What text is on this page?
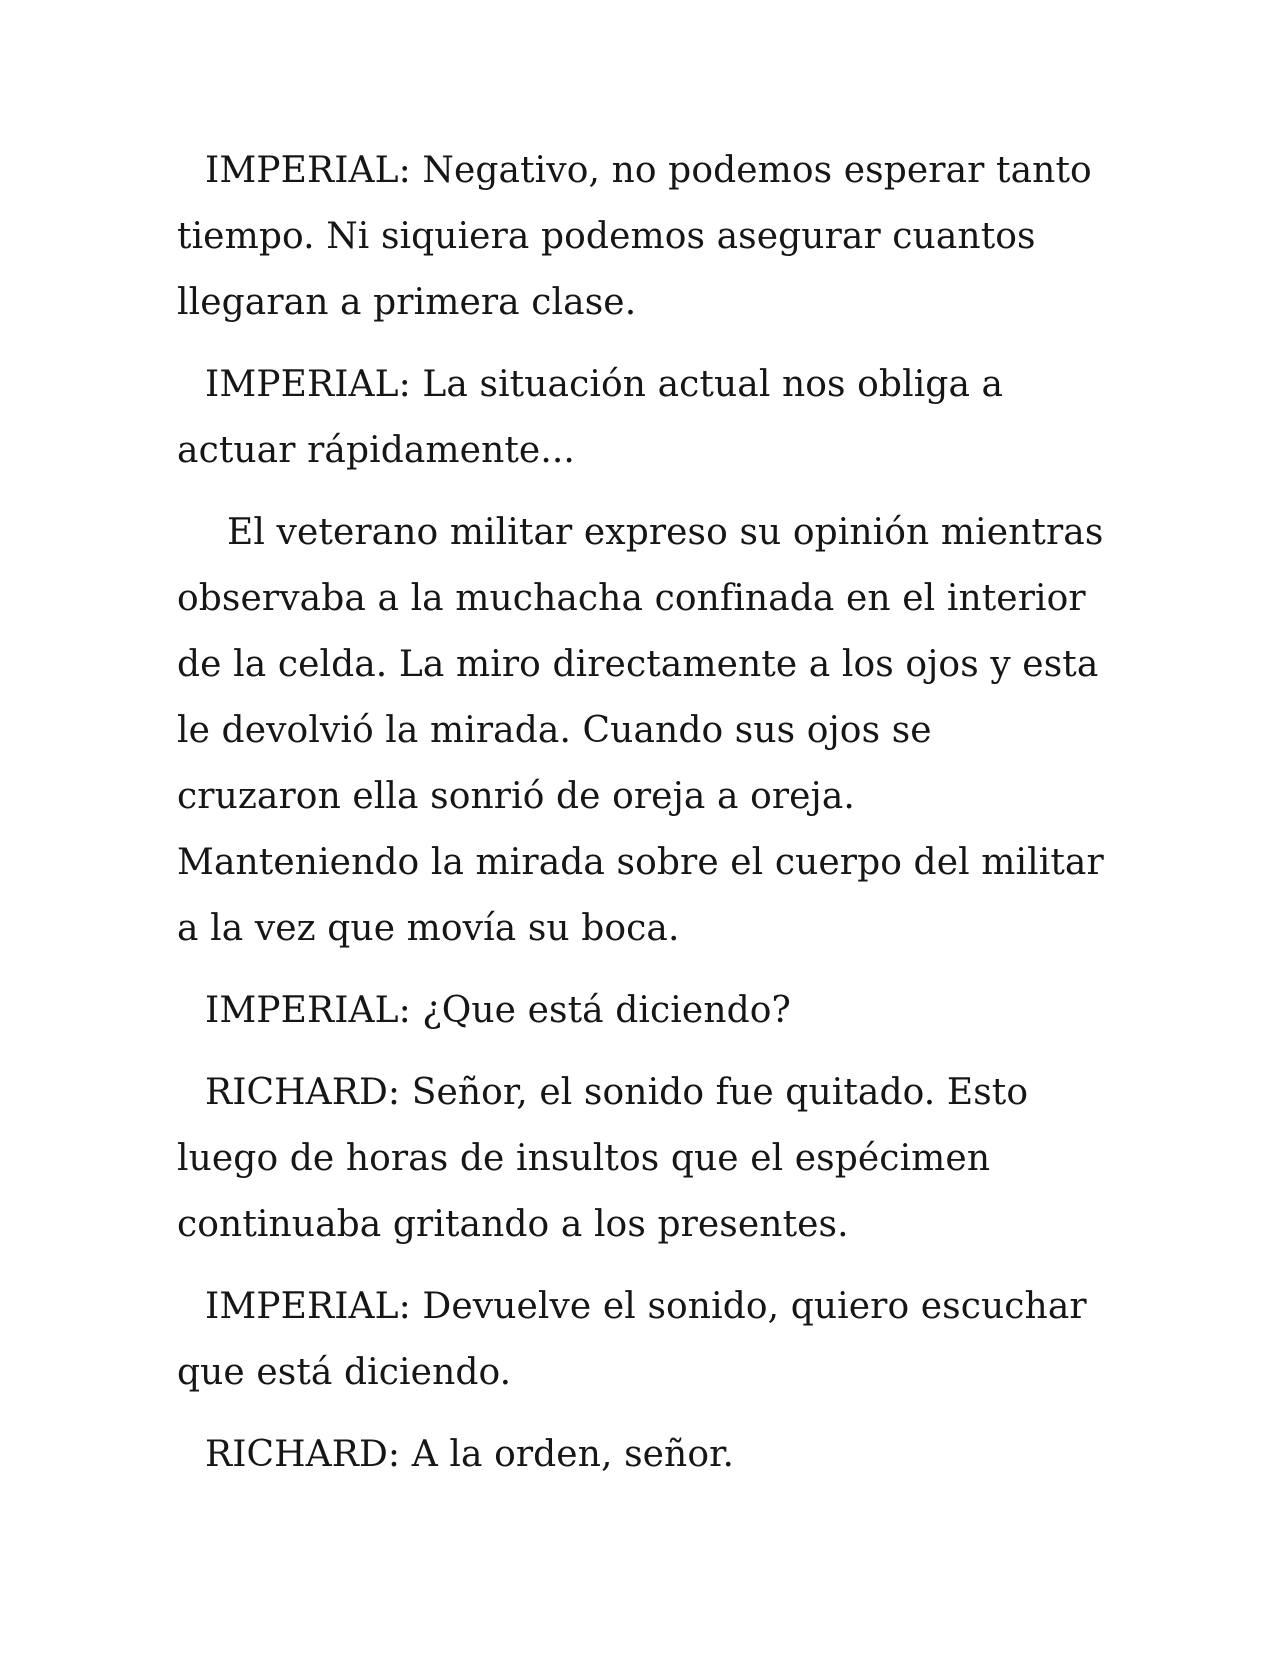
IMPERIAL: Negativo, no podemos esperar tanto tiempo. Ni siquiera podemos asegurar cuantos llegaran a primera clase.

IMPERIAL: La situación actual nos obliga a actuar rápidamente...

El veterano militar expreso su opinión mientras observaba a la muchacha confinada en el interior de la celda. La miro directamente a los ojos y esta le devolvió la mirada. Cuando sus ojos se cruzaron ella sonrió de oreja a oreja. Manteniendo la mirada sobre el cuerpo del militar a la vez que movía su boca.

IMPERIAL: ¿Que está diciendo?

RICHARD: Señor, el sonido fue quitado. Esto luego de horas de insultos que el espécimen continuaba gritando a los presentes.

IMPERIAL: Devuelve el sonido, quiero escuchar que está diciendo.

RICHARD: A la orden, señor.
